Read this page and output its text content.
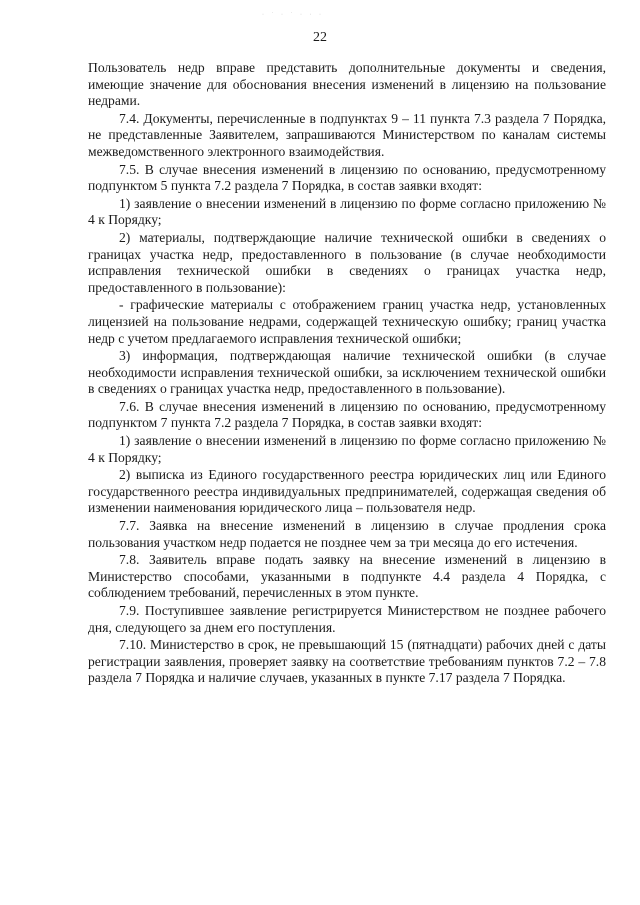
· ˙ · ˙ · · ·
22

Пользователь недр вправе представить дополнительные документы и сведения, имеющие значение для обоснования внесения изменений в лицензию на пользование недрами.

7.4. Документы, перечисленные в подпунктах 9 – 11 пункта 7.3 раздела 7 Порядка, не представленные Заявителем, запрашиваются Министерством по каналам системы межведомственного электронного взаимодействия.

7.5. В случае внесения изменений в лицензию по основанию, предусмотренному подпунктом 5 пункта 7.2 раздела 7 Порядка, в состав заявки входят:

1) заявление о внесении изменений в лицензию по форме согласно приложению № 4 к Порядку;

2) материалы, подтверждающие наличие технической ошибки в сведениях о границах участка недр, предоставленного в пользование (в случае необходимости исправления технической ошибки в сведениях о границах участка недр, предоставленного в пользование):

- графические материалы с отображением границ участка недр, установленных лицензией на пользование недрами, содержащей техническую ошибку; границ участка недр с учетом предлагаемого исправления технической ошибки;

3) информация, подтверждающая наличие технической ошибки (в случае необходимости исправления технической ошибки, за исключением технической ошибки в сведениях о границах участка недр, предоставленного в пользование).

7.6. В случае внесения изменений в лицензию по основанию, предусмотренному подпунктом 7 пункта 7.2 раздела 7 Порядка, в состав заявки входят:

1) заявление о внесении изменений в лицензию по форме согласно приложению № 4 к Порядку;

2) выписка из Единого государственного реестра юридических лиц или Единого государственного реестра индивидуальных предпринимателей, содержащая сведения об изменении наименования юридического лица – пользователя недр.

7.7. Заявка на внесение изменений в лицензию в случае продления срока пользования участком недр подается не позднее чем за три месяца до его истечения.

7.8. Заявитель вправе подать заявку на внесение изменений в лицензию в Министерство способами, указанными в подпункте 4.4 раздела 4 Порядка, с соблюдением требований, перечисленных в этом пункте.

7.9. Поступившее заявление регистрируется Министерством не позднее рабочего дня, следующего за днем его поступления.

7.10. Министерство в срок, не превышающий 15 (пятнадцати) рабочих дней с даты регистрации заявления, проверяет заявку на соответствие требованиям пунктов 7.2 – 7.8 раздела 7 Порядка и наличие случаев, указанных в пункте 7.17 раздела 7 Порядка.
